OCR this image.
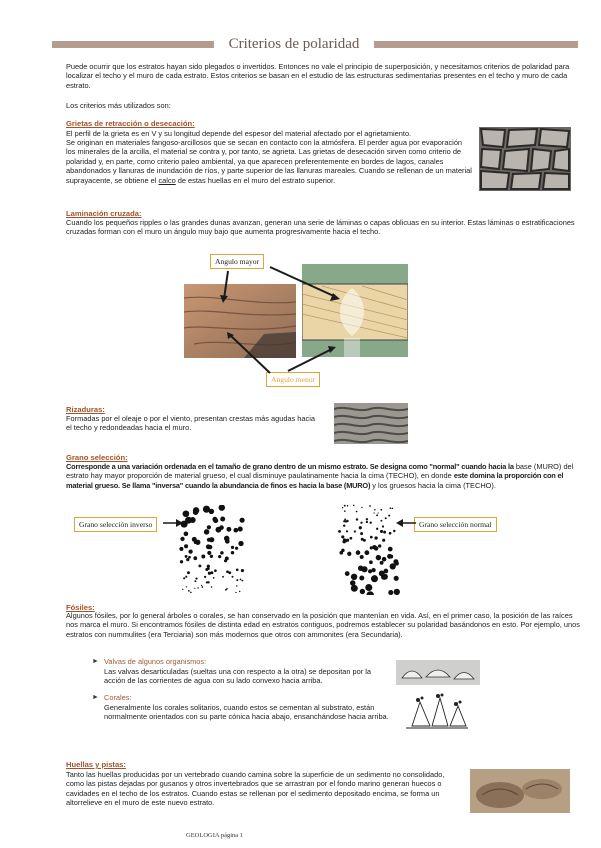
Criterios de polaridad
Puede ocurrir que los estratos hayan sido plegados o invertidos. Entonces no vale el principio de superposición, y necesitamos criterios de polaridad para localizar el techo y el muro de cada estrato. Estos criterios se basan en el estudio de las estructuras sedimentarias presentes en el techo y muro de cada estrato.
Los criterios más utilizados son:
Grietas de retracción o desecación:
El perfil de la grieta es en V y su longitud depende del espesor del material afectado por el agrietamiento.
Se originan en materiales fangoso-arcillosos que se secan en contacto con la atmósfera. El perder agua por evaporación los minerales de la arcilla, el material se contra y, por tanto, se agrieta. Las grietas de desecación sirven como criterio de polaridad y, en parte, como criterio paleo ambiental, ya que aparecen preferentemente en bordes de lagos, canales abandonados y llanuras de inundación de ríos, y parte superior de las llanuras mareales. Cuando se rellenan de un material suprayacente, se obtiene el calco de estas huellas en el muro del estrato superior.
Laminación cruzada:
Cuando los pequeños ripples o las grandes dunas avanzan, generan una serie de láminas o capas oblicuas en su interior. Estas láminas o estratificaciones cruzadas forman con el muro un ángulo muy bajo que aumenta progresivamente hacia el techo.
Angulo mayor
Angulo menor
Rizaduras:
Formadas por el oleaje o por el viento, presentan crestas más agudas hacia el techo y redondeadas hacia el muro.
Grano selección:
Corresponde a una variación ordenada en el tamaño de grano dentro de un mismo estrato. Se designa como "normal" cuando hacia la base (MURO) del estrato hay mayor proporción de material grueso, el cual disminuye paulatinamente hacia la cima (TECHO), en donde este domina la proporción con el material grueso. Se llama "inversa" cuando la abundancia de finos es hacia la base (MURO) y los gruesos hacia la cima (TECHO).
Grano selección inverso	Grano selección normal
Fósiles:
Algunos fósiles, por lo general árboles o corales, se han conservado en la posición que mantenían en vida. Así, en el primer caso, la posición de las raíces nos marca el muro. Si encontramos fósiles de distinta edad en estratos contiguos, podremos establecer su polaridad basándonos en esto. Por ejemplo, unos estratos con nummulites (era Terciaria) son más modernos que otros con ammonites (era Secundaria).
► Valvas de algunos organismos:
Las valvas desarticuladas (sueltas una con respecto a la otra) se depositan por la acción de las corrientes de agua con su lado convexo hacia arriba.
► Corales:
Generalmente los corales solitarios, cuando estos se cementan al substrato, están normalmente orientados con su parte cónica hacia abajo, ensanchándose hacia arriba.
Huellas y pistas:
Tanto las huellas producidas por un vertebrado cuando camina sobre la superficie de un sedimento no consolidado, como las pistas dejadas por gusanos y otros invertebrados que se arrastran por el fondo marino generan huecos o cavidades en el techo de los estratos. Cuando estas se rellenan por el sedimento depositado encima, se forma un altorrelieve en el muro de este nuevo estrato.
GEOLOGIA página 1
